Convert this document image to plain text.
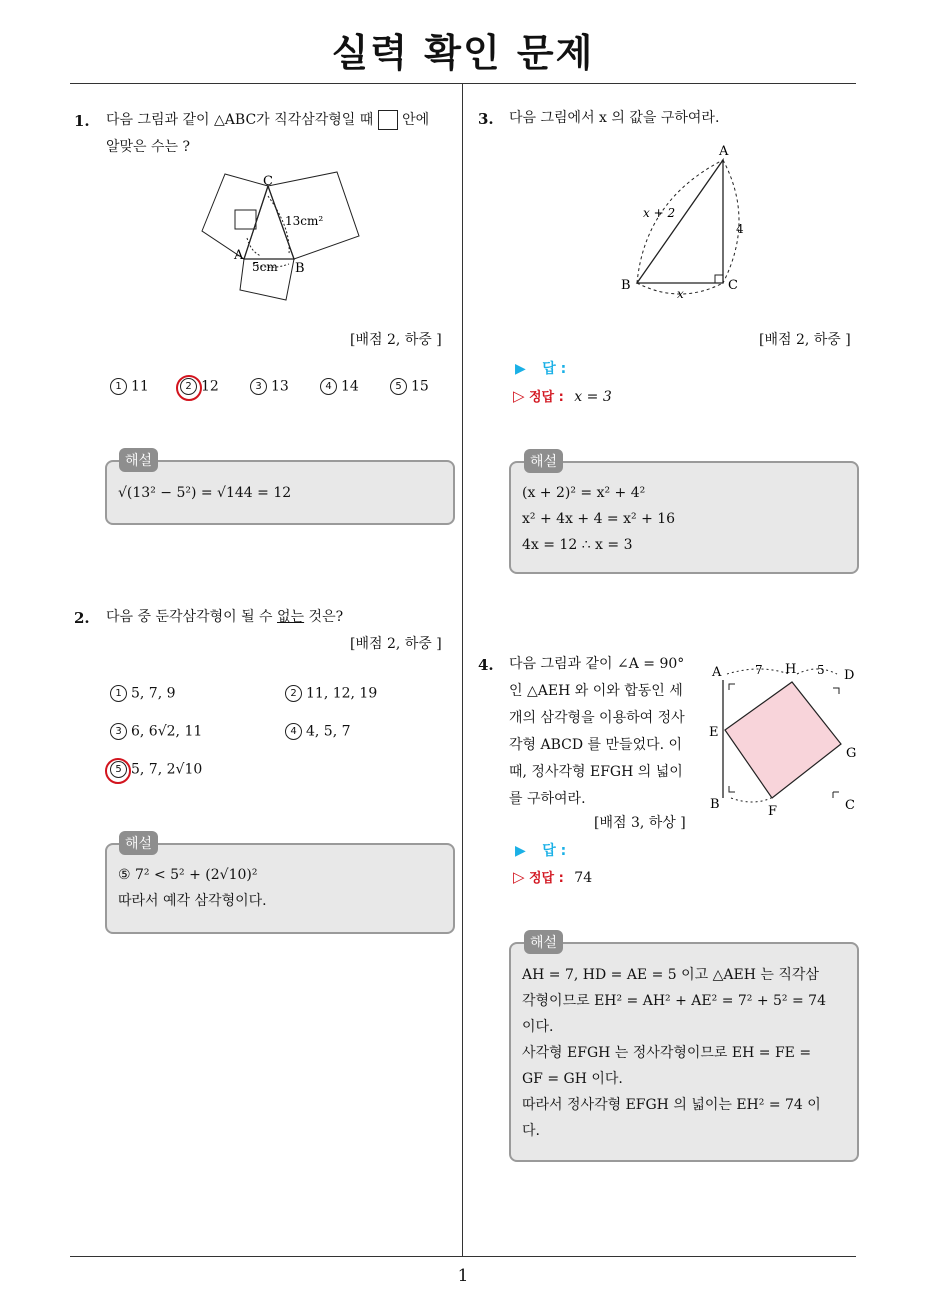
실력 확인 문제
1
1. 다음 그림과 같이 △ABC가 직각삼각형일 때 안에
알맞은 수는 ?
C
A
B
13cm²
5cm
[배점 2, 하중 ]
1 11	2 12	3 13	4 14	5 15
해설
√(13² − 5²) = √144 = 12
2. 다음 중 둔각삼각형이 될 수 없는 것은?
[배점 2, 하중 ]
1 5, 7, 9	2 11, 12, 19
3 6, 6√2, 11	4 4, 5, 7
5 5, 7, 2√10
해설
⑤ 7² < 5² + (2√10)²
따라서 예각 삼각형이다.
3. 다음 그림에서 x 의 값을 구하여라.
A
B	C
x + 2
4
x
[배점 2, 하중 ]
▶ 답 :
▷ 정답 : x = 3
해설
(x + 2)² = x² + 4²
x² + 4x + 4 = x² + 16
4x = 12 ∴ x = 3
4. 다음 그림과 같이 ∠A = 90°
인 △AEH 와 이와 합동인 세
개의 삼각형을 이용하여 정사
각형 ABCD 를 만들었다. 이
때, 정사각형 EFGH 의 넓이
를 구하여라.
[배점 3, 하상 ]
A	H	D
E
G
B	F	C
7	5
▶ 답 :
▷ 정답 : 74
해설
AH = 7, HD = AE = 5 이고 △AEH 는 직각삼
각형이므로 EH² = AH² + AE² = 7² + 5² = 74
이다.
사각형 EFGH 는 정사각형이므로 EH = FE =
GF = GH 이다.
따라서 정사각형 EFGH 의 넓이는 EH² = 74 이
다.
